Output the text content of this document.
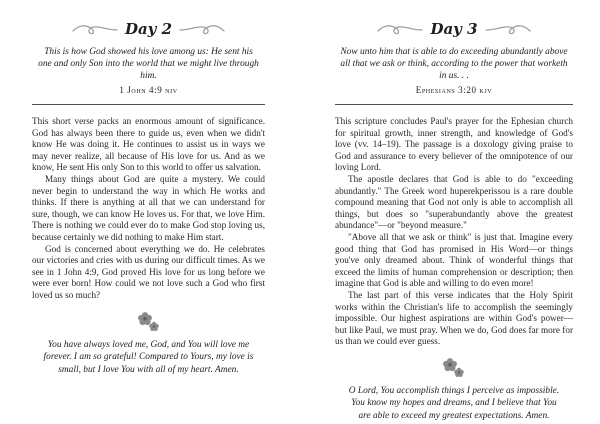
Day 2
This is how God showed his love among us: He sent his one and only Son into the world that we might live through him.
1 John 4:9 niv

This short verse packs an enormous amount of significance. God has always been there to guide us, even when we didn't know He was doing it. He continues to assist us in ways we may never realize, all because of His love for us. And as we know, He sent His only Son to this world to offer us salvation.

Many things about God are quite a mystery. We could never begin to understand the way in which He works and thinks. If there is anything at all that we can understand for sure, though, we can know He loves us. For that, we love Him. There is nothing we could ever do to make God stop loving us, because certainly we did nothing to make Him start.

God is concerned about everything we do. He celebrates our victories and cries with us during our difficult times. As we see in 1 John 4:9, God proved His love for us long before we were ever born! How could we not love such a God who first loved us so much?

You have always loved me, God, and You will love me forever. I am so grateful! Compared to Yours, my love is small, but I love You with all of my heart. Amen.
Day 3
Now unto him that is able to do exceeding abundantly above all that we ask or think, according to the power that worketh in us. . .
Ephesians 3:20 kjv

This scripture concludes Paul's prayer for the Ephesian church for spiritual growth, inner strength, and knowledge of God's love (vv. 14–19). The passage is a doxology giving praise to God and assurance to every believer of the omnipotence of our loving Lord.

The apostle declares that God is able to do "exceeding abundantly." The Greek word huperekperissou is a rare double compound meaning that God not only is able to accomplish all things, but does so "superabundantly above the greatest abundance"—or "beyond measure."

"Above all that we ask or think" is just that. Imagine every good thing that God has promised in His Word—or things you've only dreamed about. Think of wonderful things that exceed the limits of human comprehension or description; then imagine that God is able and willing to do even more!

The last part of this verse indicates that the Holy Spirit works within the Christian's life to accomplish the seemingly impossible. Our highest aspirations are within God's power—but like Paul, we must pray. When we do, God does far more for us than we could ever guess.

O Lord, You accomplish things I perceive as impossible. You know my hopes and dreams, and I believe that You are able to exceed my greatest expectations. Amen.
